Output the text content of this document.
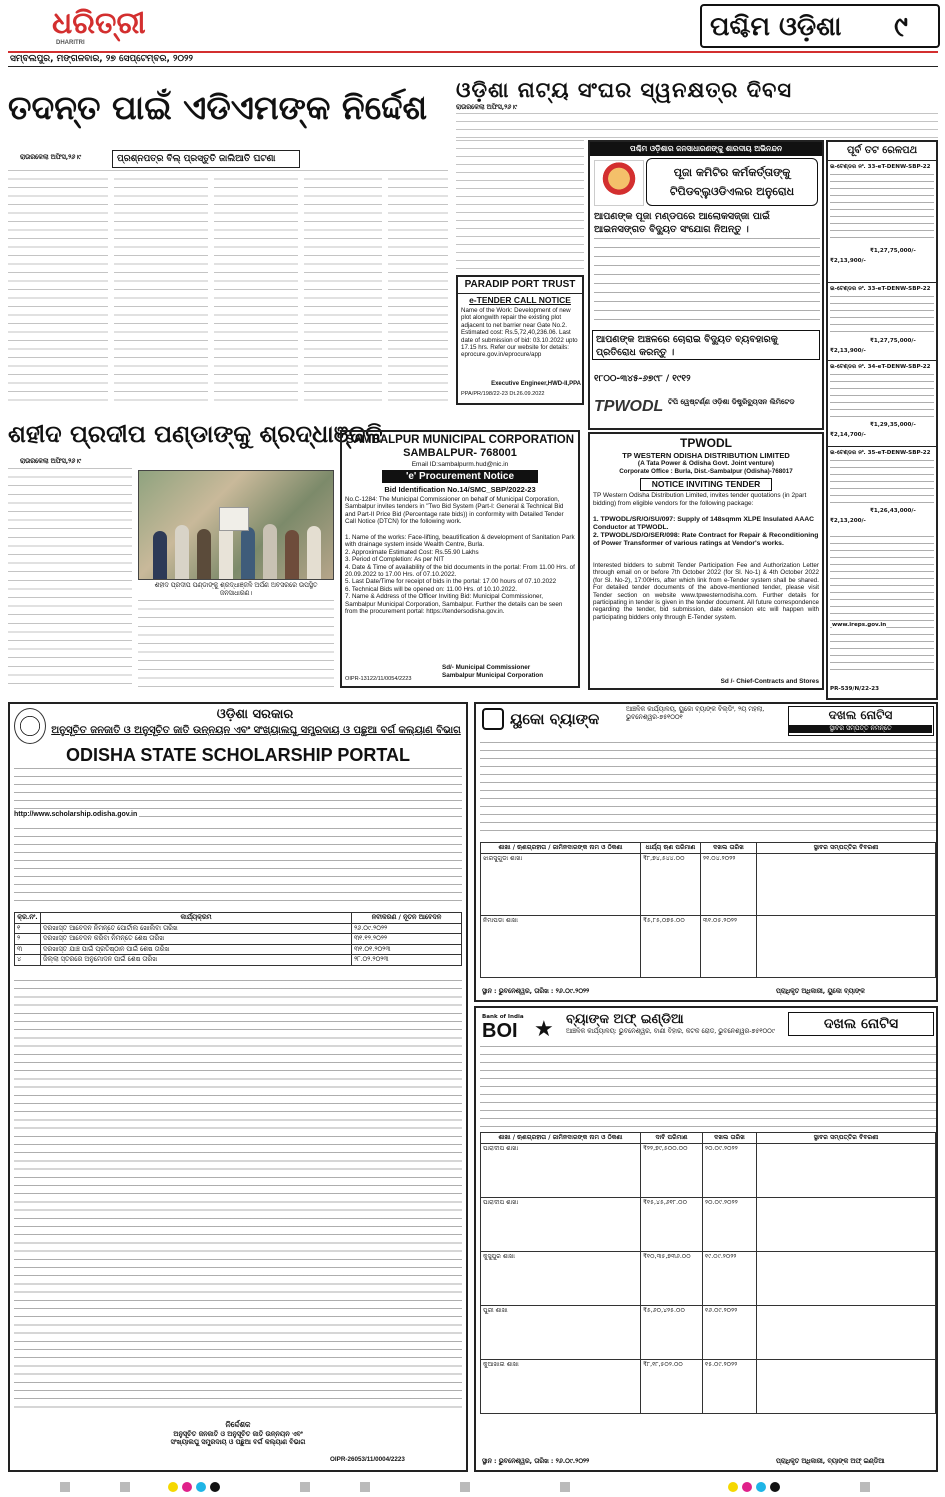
ଧରିତ୍ରୀ
DHARITRI
ପଶ୍ଚିମ ଓଡ଼ିଶା ୯
ସମ୍ବଲପୁର, ମଙ୍ଗଳବାର, ୨୭ ସେପ୍ଟେମ୍ବର, ୨୦୨୨
ତଦନ୍ତ ପାଇଁ ଏଡିଏମଙ୍କ ନିର୍ଦ୍ଦେଶ
ରାଉରକେଲା ଅଫିସ,୨୬।୯	ପ୍ରଶ୍ନପତ୍ର ବିଲ୍ ପ୍ରସ୍ତୁତି ଜାଲିଆତି ଘଟଣା
ଓଡ଼ିଶା ନାଟ୍ୟ ସଂଘର ସ୍ୱନକ୍ଷତ୍ର ଦିବସ
ରାଉରକେଲା ଅଫିସ,୨୬।୯
PARADIP PORT TRUST
e-TENDER CALL NOTICE
Name of the Work: Development of new plot alongwith repair the existing plot adjacent to net barrier near Gate No.2. Estimated cost: Rs.5,72,40,236.06. Last date of submission of bid: 03.10.2022 upto 17.15 hrs. Refer our website for details: eprocure.gov.in/eprocure/app
Executive Engineer,HWD-II,PPA
PPA/PR/198/22-23 Dt.26.09.2022
ପଶ୍ଚିମ ଓଡ଼ିଶାର ଜନସାଧାରଣଙ୍କୁ ଶାରଦୀୟ ଅଭିନନ୍ଦନ
ପୂଜା କମିଟିର କର୍ମକର୍ତ୍ତାଙ୍କୁ ଟିପିଡବ୍ଲୁଓଡିଏଲର ଅନୁରୋଧ
ଆପଣଙ୍କ ପୂଜା ମଣ୍ଡପରେ ଆଲୋକସଜ୍ଜା ପାଇଁ ଆଇନସଙ୍ଗତ ବିଦ୍ୟୁତ ସଂଯୋଗ ନିଅନ୍ତୁ ।
ଆପଣଙ୍କ ଅଞ୍ଚଳରେ ଚୋରାଇ ବିଦ୍ୟୁତ ବ୍ୟବହାରକୁ ପ୍ରତିରୋଧ କରନ୍ତୁ ।
୧୮୦୦-୩୪୫-୬୭୯୮ / ୧୯୧୨
TPWODL ଟିପି ୱେଷ୍ଟର୍ଣ୍ଣ ଓଡ଼ିଶା ଡିଷ୍ଟ୍ରିବ୍ୟୁସନ ଲିମିଟେଡ
ପୂର୍ବ ତଟ ରେଳପଥ
ଇ-ଟେଣ୍ଡର ନଂ. 33-eT-DENW-SBP-22
₹1,27,75,000/-
₹2,13,900/-
ଇ-ଟେଣ୍ଡର ନଂ. 33-eT-DENW-SBP-22
₹1,27,75,000/-
₹2,13,900/-
ଇ-ଟେଣ୍ଡର ନଂ. 34-eT-DENW-SBP-22
₹1,29,35,000/-
₹2,14,700/-
ଇ-ଟେଣ୍ଡର ନଂ. 35-eT-DENW-SBP-22
₹1,26,43,000/-
₹2,13,200/-
www.ireps.gov.in
PR-539/N/22-23
ଶହୀଦ ପ୍ରଦୀପ ପଣ୍ଡାଙ୍କୁ ଶ୍ରଦ୍ଧାଞ୍ଜଳି
ରାଉରକେଲା ଅଫିସ,୨୬।୯
ଶହୀଦ ପ୍ରଦୀପ ପଣ୍ଡାଙ୍କୁ ଶ୍ରଦ୍ଧାଞ୍ଜଳି ଅର୍ପଣ ଅବସରରେ ଉପସ୍ଥିତ ଜନସାଧାରଣ।
SAMBALPUR MUNICIPAL CORPORATION
SAMBALPUR- 768001
Email ID:sambalpurm.hud@nic.in
'e' Procurement Notice
Bid Identification No.14/SMC_SBP/2022-23
No.C-1284: The Municipal Commissioner on behalf of Municipal Corporation, Sambalpur invites tenders in "Two Bid System (Part-I: General & Technical Bid and Part-II Price Bid (Percentage rate bids)) in conformity with Detailed Tender Call Notice (DTCN) for the following work.
1. Name of the works: Face-lifting, beautification & development of Sanitation Park with drainage system inside Wealth Centre, Burla.
2. Approximate Estimated Cost: Rs.55.90 Lakhs
3. Period of Completion: As per NIT
4. Date & Time of availability of the bid documents in the portal: From 11.00 Hrs. of 20.09.2022 to 17.00 Hrs. of 07.10.2022.
5. Last Date/Time for receipt of bids in the portal: 17.00 hours of 07.10.2022
6. Technical Bids will be opened on: 11.00 Hrs. of 10.10.2022.
7. Name & Address of the Officer Inviting Bid: Municipal Commissioner, Sambalpur Municipal Corporation, Sambalpur. Further the details can be seen from the procurement portal: https://tendersodisha.gov.in.
Sd/- Municipal Commissioner
Sambalpur Municipal Corporation
OIPR-13122/11/0054/2223
TPWODL
TP WESTERN ODISHA DISTRIBUTION LIMITED
(A Tata Power & Odisha Govt. Joint venture)
Corporate Office : Burla, Dist.-Sambalpur (Odisha)-768017
NOTICE INVITING TENDER
TP Western Odisha Distribution Limited, invites tender quotations (in 2part bidding) from eligible vendors for the following package:
1. TPWODL/SR/O/SU/097: Supply of 148sqmm XLPE Insulated AAAC Conductor at TPWODL.
2. TPWODL/SD/O/SER/098: Rate Contract for Repair & Reconditioning of Power Transformer of various ratings at Vendor's works.
Interested bidders to submit Tender Participation Fee and Authorization Letter through email on or before 7th October 2022 (for Sl. No-1) & 4th October 2022 (for Sl. No-2), 17:00Hrs, after which link from e-Tender system shall be shared. For detailed tender documents of the above-mentioned tender, please visit Tender section on website www.tpwesternodisha.com. Further details for participating in tender is given in the tender document. All future correspondence regarding the tender, bid submission, date extension etc will happen with participating bidders only through E-Tender system.
Sd /- Chief-Contracts and Stores
ଓଡ଼ିଶା ସରକାର
ଅନୁସୂଚିତ ଜନଜାତି ଓ ଅନୁସୂଚିତ ଜାତି ଉନ୍ନୟନ ଏବଂ ସଂଖ୍ୟାଲଘୁ ସମ୍ପ୍ରଦାୟ ଓ ପଛୁଆ ବର୍ଗ କଲ୍ୟାଣ ବିଭାଗ
ODISHA STATE SCHOLARSHIP PORTAL
http://www.scholarship.odisha.gov.in
କ୍ର.ନଂ.	କାର୍ଯ୍ୟକ୍ରମ	ନବୀକରଣ / ନୂତନ ଆବେଦନ
୧	ଦରଖାସ୍ତ ଆବେଦନ ନିମନ୍ତେ ପୋର୍ଟାଲ ଖୋଲିବା ତାରିଖ	୨୬.୦୯.୨୦୨୨
୨	ଦରଖାସ୍ତ ଆବେଦନ କରିବା ନିମନ୍ତେ ଶେଷ ତାରିଖ	୩୧.୧୨.୨୦୨୨
୩	ଦରଖାସ୍ତ ଯାଞ୍ଚ ପାଇଁ ପ୍ରତିଷ୍ଠାନ ପାଇଁ ଶେଷ ତାରିଖ	୩୧.୦୧.୨୦୨୩
୪	ଜିଲ୍ଲା ସ୍ତରରେ ଅନୁମୋଦନ ପାଇଁ ଶେଷ ତାରିଖ	୨୮.୦୨.୨୦୨୩
ନିର୍ଦ୍ଦେଶକ
ଅନୁସୂଚିତ ଜନଜାତି ଓ ଅନୁସୂଚିତ ଜାତି ଉନ୍ନୟନ ଏବଂ ସଂଖ୍ୟାଲଘୁ ସମ୍ପ୍ରଦାୟ ଓ ପଛୁଆ ବର୍ଗ କଲ୍ୟାଣ ବିଭାଗ
OIPR-26053/11/0004/2223
ୟୁକୋ ବ୍ୟାଙ୍କ
ଆଞ୍ଚଳିକ କାର୍ଯ୍ୟାଳୟ, ୟୁକୋ ବ୍ୟାଙ୍କ ବିଲ୍ଡିଂ, ୨ୟ ମହଲା, ଭୁବନେଶ୍ୱର-୭୫୧୦୦୧	ଦଖଲ ନୋଟିସ
ସ୍ଥାବର ସମ୍ପତ୍ତି ନିମନ୍ତେ
ଶାଖା / ଋଣଗ୍ରହୀତା / ଜାମିନଦାରଙ୍କ ନାମ ଓ ଠିକଣା	ଧାର୍ଯ୍ୟ ଋଣ ପରିମାଣ	ଦଖଲ ତାରିଖ	ସ୍ଥାବର ସମ୍ପତ୍ତିର ବିବରଣୀ
ଝାରସୁଗୁଡା ଶାଖା	₹୮,୭୪,୫୪୪.୦୦	୨୧.୦୪.୨୦୨୨	
ନିମାପଡା ଶାଖା	₹୫,୮୫,୦୭୫.୦୦	୩୧.୦୫.୨୦୨୨	
ସ୍ଥାନ : ଭୁବନେଶ୍ୱର, ତାରିଖ : ୨୬.୦୯.୨୦୨୨	ପ୍ରାଧିକୃତ ଅଧିକାରୀ, ୟୁକୋ ବ୍ୟାଙ୍କ
Bank of India
BOI ★ ବ୍ୟାଙ୍କ ଅଫ୍ ଇଣ୍ଡିଆ
ଆଞ୍ଚଳିକ କାର୍ଯ୍ୟାଳୟ: ଭୁବନେଶ୍ୱର, ବାଣୀ ବିହାର, କଟକ ରୋଡ, ଭୁବନେଶ୍ୱର-୭୫୧୦୦୯	ଦଖଲ ନୋଟିସ
ଶାଖା / ଋଣଗ୍ରହୀତା / ଜାମିନଦାରଙ୍କ ନାମ ଓ ଠିକଣା	ଦାବି ପରିମାଣ	ଦଖଲ ତାରିଖ	ସ୍ଥାବର ସମ୍ପତ୍ତିର ବିବରଣୀ
ପାରାଦୀପ ଶାଖା	₹୨୨,୭୯,୫୦୦.୦୦	୨୦.୦୯.୨୦୨୨	
ପାରାଦୀପ ଶାଖା	₹୧୫,୪୫,୬୧୮.୦୦	୨୦.୦୯.୨୦୨୨	
କୁସୁପୁର ଶାଖା	₹୧୦,୩୫,୭୩୬.୦୦	୧୯.୦୯.୨୦୨୨	
ପୁରୀ ଶାଖା	₹୫,୬୦,୪୨୫.୦୦	୧୬.୦୯.୨୦୨୨	
କୁଆଖାଇ ଶାଖା	₹୮,୧୮,୫୦୨.୦୦	୧୫.୦୯.୨୦୨୨	
ସ୍ଥାନ : ଭୁବନେଶ୍ୱର, ତାରିଖ : ୨୬.୦୯.୨୦୨୨	ପ୍ରାଧିକୃତ ଅଧିକାରୀ, ବ୍ୟାଙ୍କ ଅଫ୍ ଇଣ୍ଡିଆ
